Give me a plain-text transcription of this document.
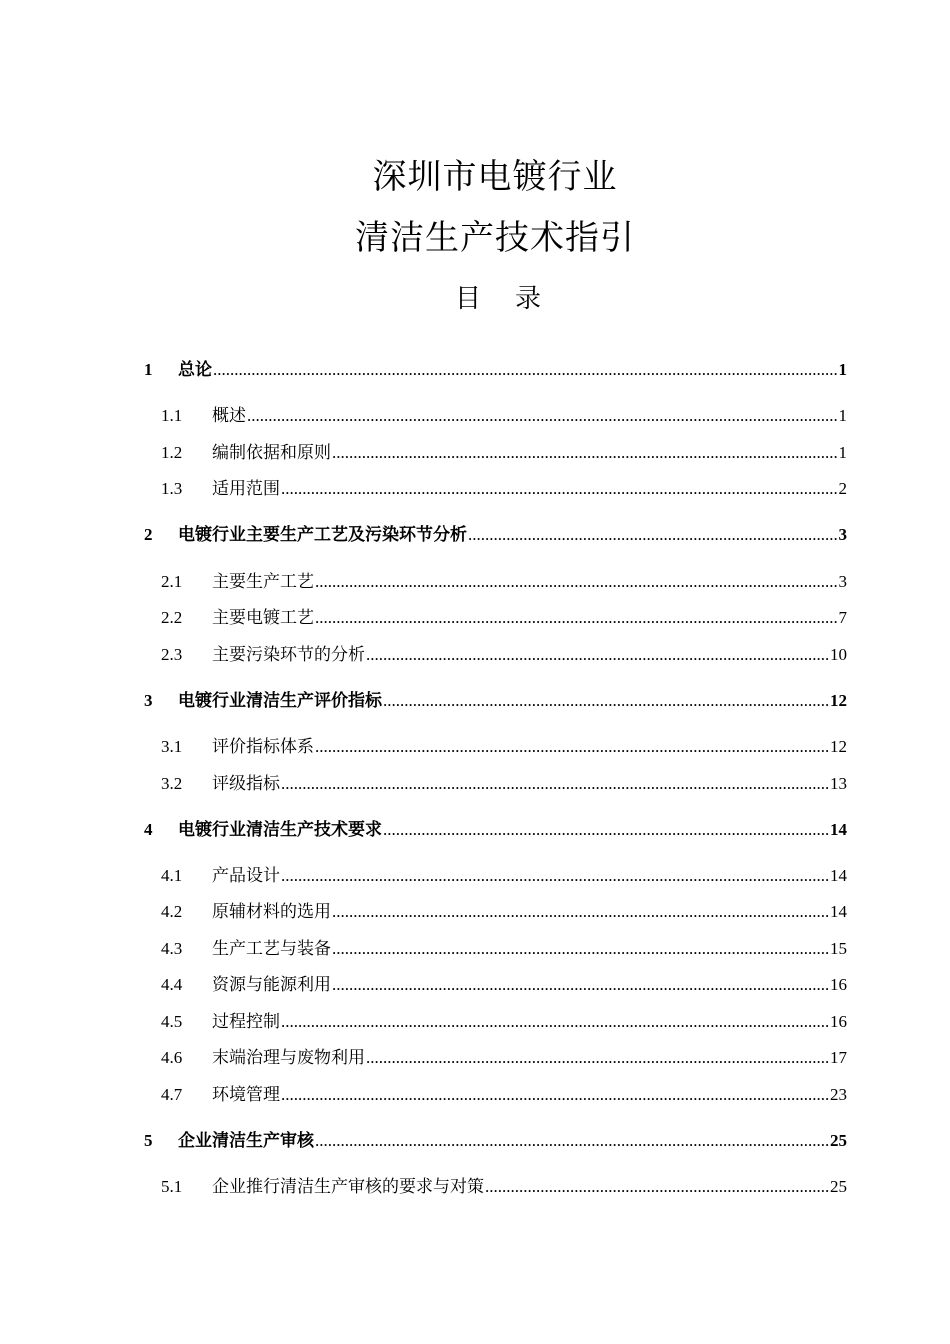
深圳市电镀行业
清洁生产技术指引
目 录
1	总论 .....	1
1.1	概述 .....	1
1.2	编制依据和原则 .....	1
1.3	适用范围 .....	2
2	电镀行业主要生产工艺及污染环节分析 .....	3
2.1	主要生产工艺 .....	3
2.2	主要电镀工艺 .....	7
2.3	主要污染环节的分析 .....	10
3	电镀行业清洁生产评价指标 .....	12
3.1	评价指标体系 .....	12
3.2	评级指标 .....	13
4	电镀行业清洁生产技术要求 .....	14
4.1	产品设计 .....	14
4.2	原辅材料的选用 .....	14
4.3	生产工艺与装备 .....	15
4.4	资源与能源利用 .....	16
4.5	过程控制 .....	16
4.6	末端治理与废物利用 .....	17
4.7	环境管理 .....	23
5	企业清洁生产审核 .....	25
5.1	企业推行清洁生产审核的要求与对策 .....	25
